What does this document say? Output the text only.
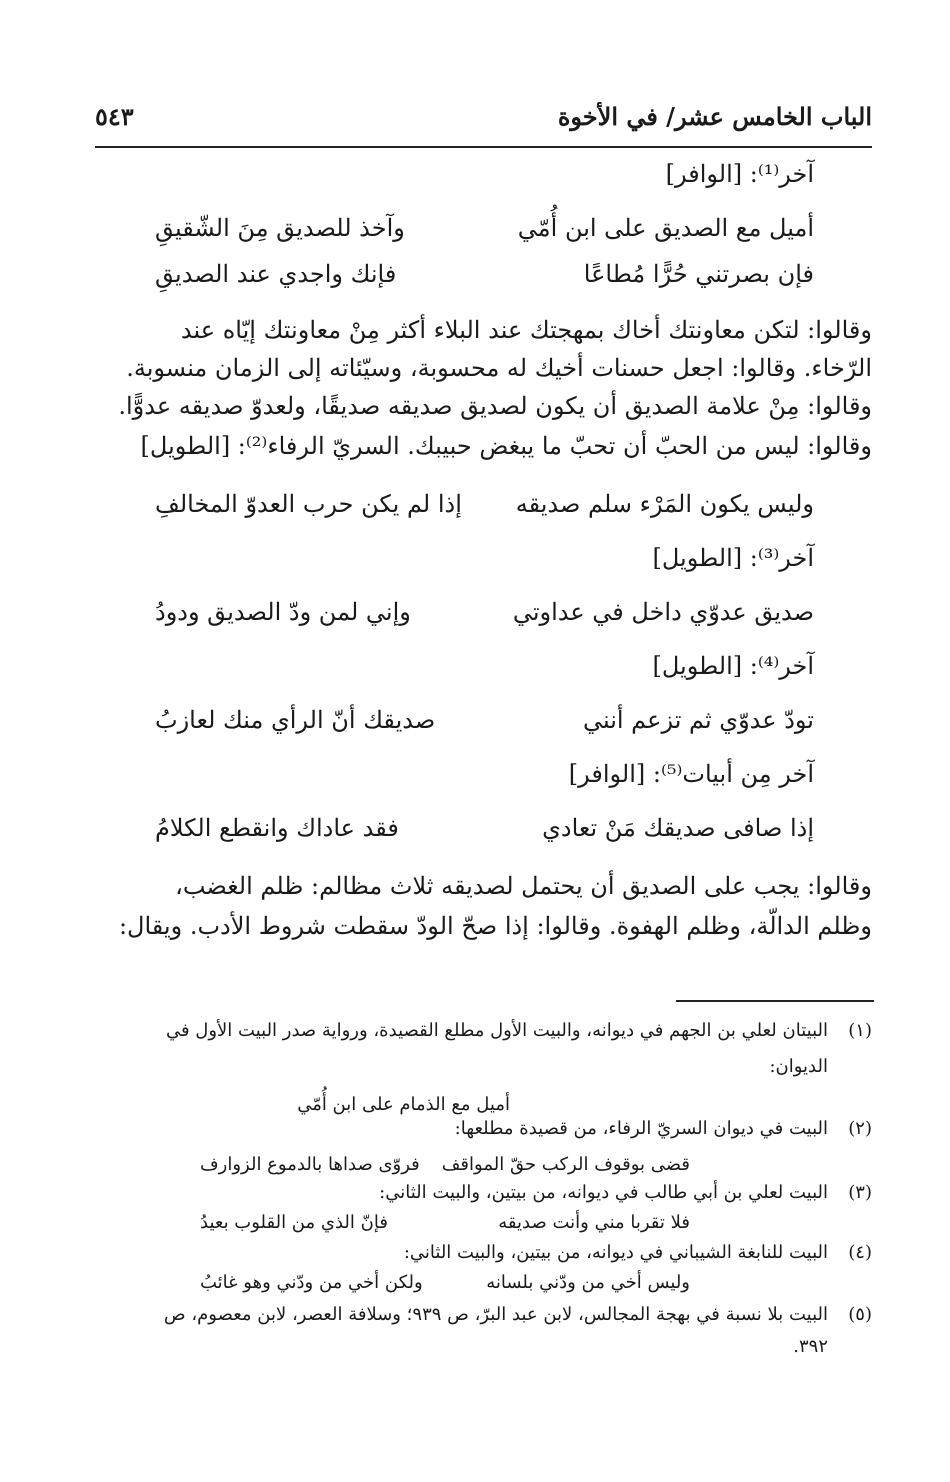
الباب الخامس عشر/ في الأخوة
٥٤٣
آخر⁽¹⁾: [الوافر]
أميل مع الصديق على ابن أُمّي
وآخذ للصديق مِنَ الشّقيقِ
فإن بصرتني حُرًّا مُطاعًا
فإنك واجدي عند الصديقِ
وقالوا: لتكن معاونتك أخاك بمهجتك عند البلاء أكثر مِنْ معاونتك إيّاه عند
الرّخاء. وقالوا: اجعل حسنات أخيك له محسوبة، وسيّئاته إلى الزمان منسوبة.
وقالوا: مِنْ علامة الصديق أن يكون لصديق صديقه صديقًا، ولعدوّ صديقه عدوًّا.
وقالوا: ليس من الحبّ أن تحبّ ما يبغض حبيبك. السريّ الرفاء⁽²⁾: [الطويل]
وليس يكون المَرْء سلم صديقه
إذا لم يكن حرب العدوّ المخالفِ
آخر⁽³⁾: [الطويل]
صديق عدوّي داخل في عداوتي
وإني لمن ودّ الصديق ودودُ
آخر⁽⁴⁾: [الطويل]
تودّ عدوّي ثم تزعم أنني
صديقك أنّ الرأي منك لعازبُ
آخر مِن أبيات⁽⁵⁾: [الوافر]
إذا صافى صديقك مَنْ تعادي
فقد عاداك وانقطع الكلامُ
وقالوا: يجب على الصديق أن يحتمل لصديقه ثلاث مظالم: ظلم الغضب،
وظلم الدالّة، وظلم الهفوة. وقالوا: إذا صحّ الودّ سقطت شروط الأدب. ويقال:
(١)
البيتان لعلي بن الجهم في ديوانه، والبيت الأول مطلع القصيدة، ورواية صدر البيت الأول في
الديوان:
أميل مع الذمام على ابن أُمّي
(٢)
البيت في ديوان السريّ الرفاء، من قصيدة مطلعها:
قضى بوقوف الركب حقّ المواقف
فروّى صداها بالدموع الزوارف
(٣)
البيت لعلي بن أبي طالب في ديوانه، من بيتين، والبيت الثاني:
فلا تقربا مني وأنت صديقه
فإنّ الذي من القلوب بعيدُ
(٤)
البيت للنابغة الشيباني في ديوانه، من بيتين، والبيت الثاني:
وليس أخي من ودّني بلسانه
ولكن أخي من ودّني وهو غائبُ
(٥)
البيت بلا نسبة في بهجة المجالس، لابن عبد البرّ، ص ٩٣٩؛ وسلافة العصر، لابن معصوم، ص
٣٩٢.
